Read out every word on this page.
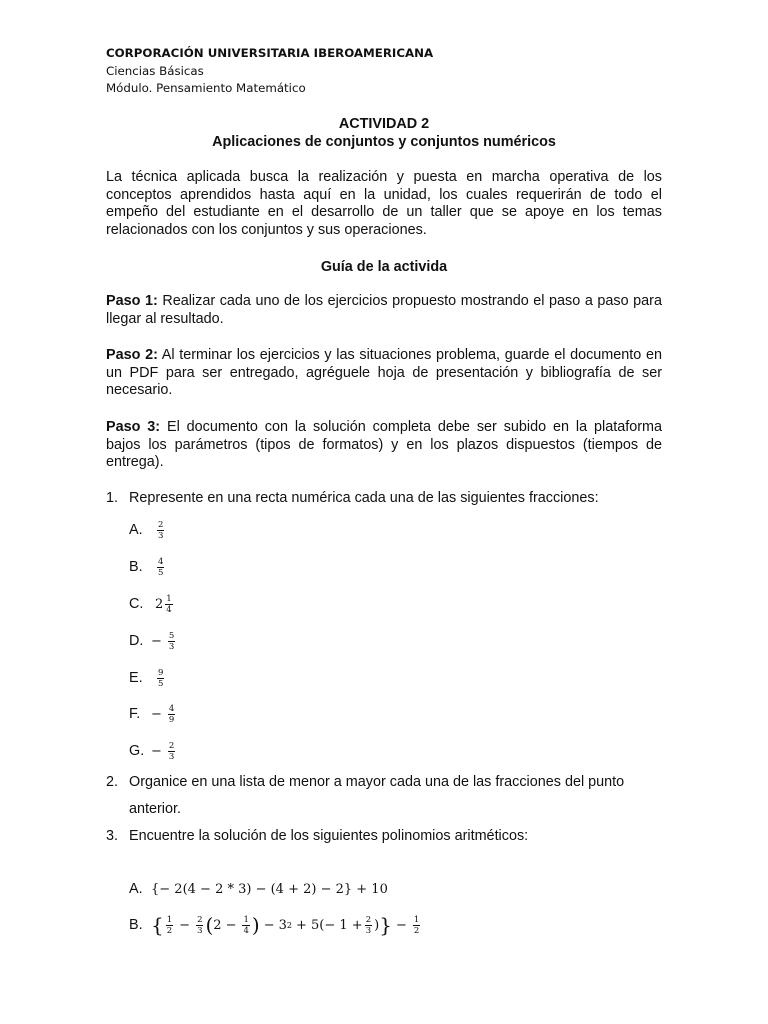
CORPORACIÓN UNIVERSITARIA IBEROAMERICANA
Ciencias Básicas
Módulo. Pensamiento Matemático
ACTIVIDAD 2
Aplicaciones de conjuntos y conjuntos numéricos
La técnica aplicada busca la realización y puesta en marcha operativa de los conceptos aprendidos hasta aquí en la unidad, los cuales requerirán de todo el empeño del estudiante en el desarrollo de un taller que se apoye en los temas relacionados con los conjuntos y sus operaciones.
Guía de la activida
Paso 1: Realizar cada uno de los ejercicios propuesto mostrando el paso a paso para llegar al resultado.
Paso 2: Al terminar los ejercicios y las situaciones problema, guarde el documento en un PDF para ser entregado, agréguele hoja de presentación y bibliografía de ser necesario.
Paso 3: El documento con la solución completa debe ser subido en la plataforma bajos los parámetros (tipos de formatos) y en los plazos dispuestos (tiempos de entrega).
1. Represente en una recta numérica cada una de las siguientes fracciones:
A.	$\frac{2}{3}$
B.	$\frac{4}{5}$
C. $2 \frac{1}{4}$
D. − $\frac{5}{3}$
E.	$\frac{9}{5}$
F. − $\frac{4}{9}$
G. − $\frac{2}{3}$
2. Organice en una lista de menor a mayor cada una de las fracciones del punto anterior.
3. Encuentre la solución de los siguientes polinomios aritméticos:
A. {− 2(4 − 2 * 3) − (4 + 2) − 2} + 10
B. { $\frac{1}{2} - \frac{2}{3}$ ( $2 - \frac{1}{4}$ ) − 3 $2 + 5(- 1 + \frac{2}{3}$ ) } − $\frac{1}{2}$
